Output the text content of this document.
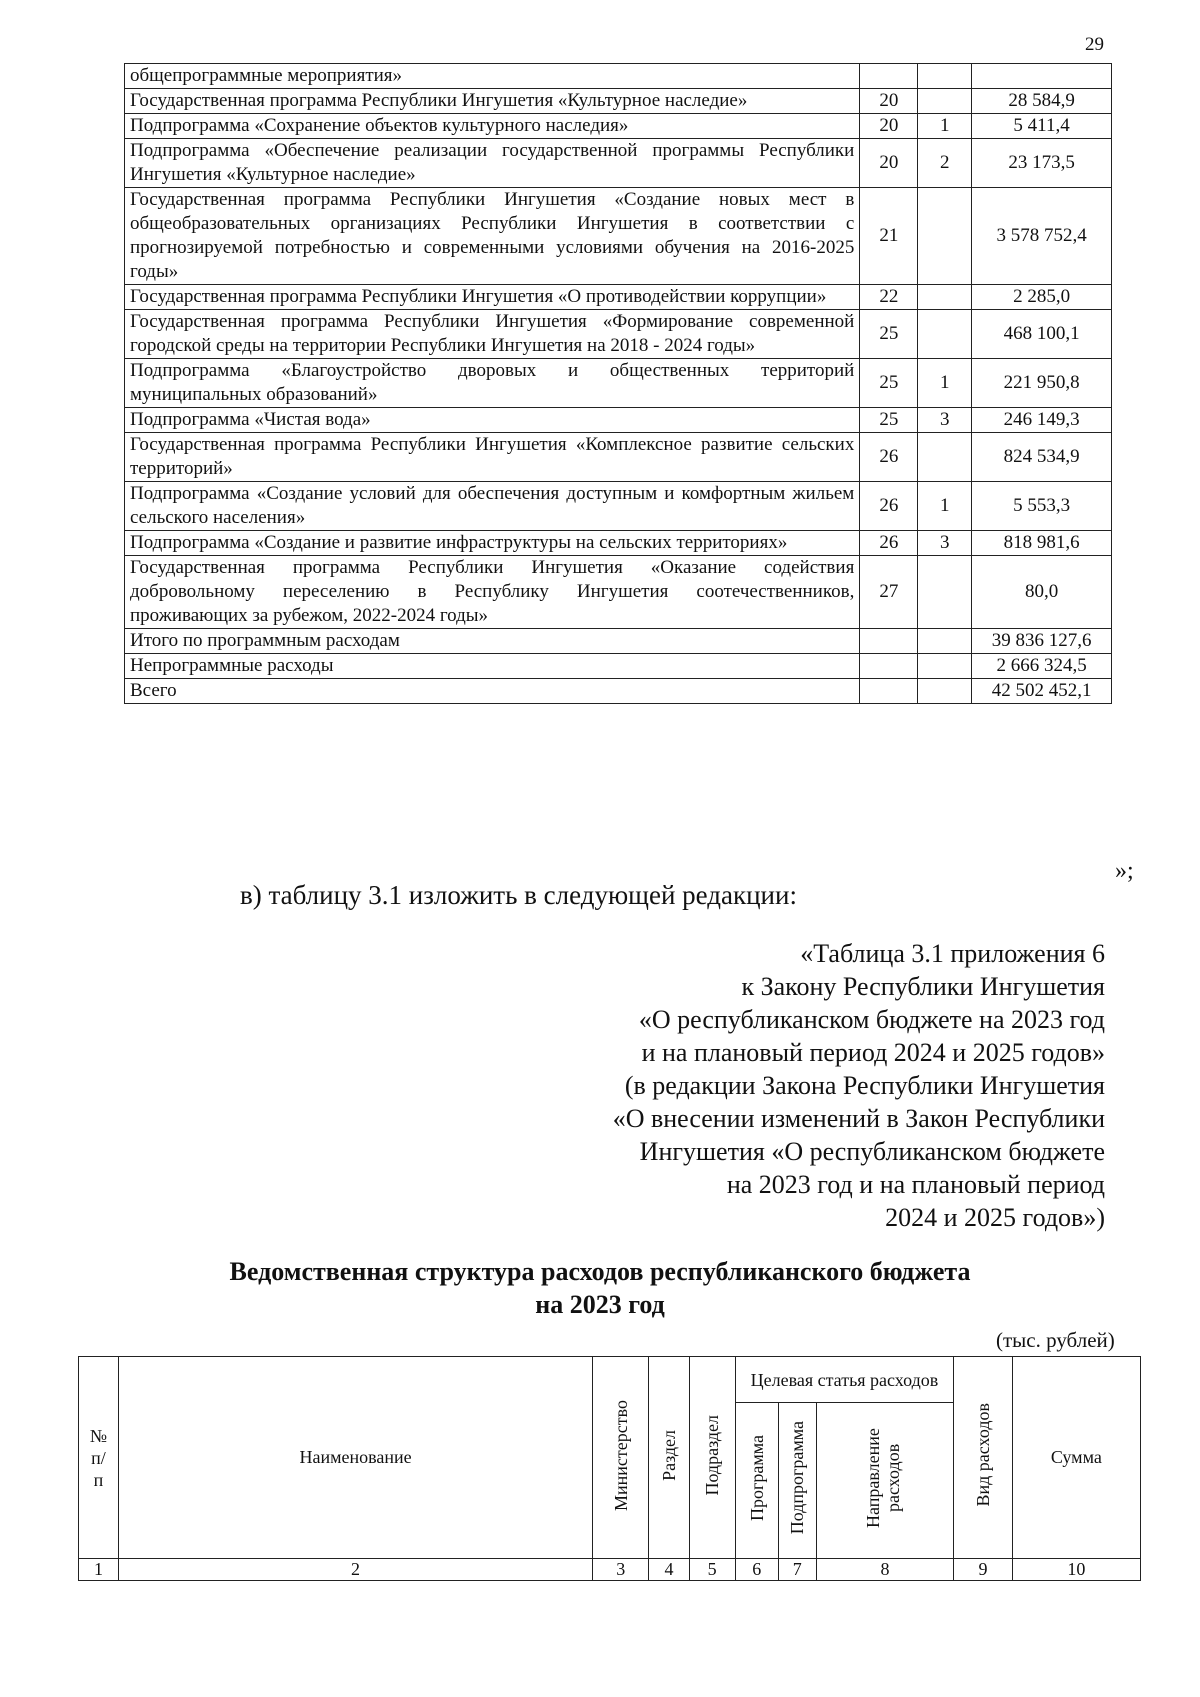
29
общепрограммные мероприятия»			
Государственная программа Республики Ингушетия «Культурное наследие»	20		28 584,9
Подпрограмма «Сохранение объектов культурного наследия»	20	1	5 411,4
Подпрограмма «Обеспечение реализации государственной программы Республики Ингушетия «Культурное наследие»	20	2	23 173,5
Государственная программа Республики Ингушетия «Создание новых мест в общеобразовательных организациях Республики Ингушетия в соответствии с прогнозируемой потребностью и современными условиями обучения на 2016-2025 годы»	21		3 578 752,4
Государственная программа Республики Ингушетия «О противодействии коррупции»	22		2 285,0
Государственная программа Республики Ингушетия «Формирование современной городской среды на территории Республики Ингушетия на 2018 - 2024 годы»	25		468 100,1
Подпрограмма «Благоустройство дворовых и общественных территорий муниципальных образований»	25	1	221 950,8
Подпрограмма «Чистая вода»	25	3	246 149,3
Государственная программа Республики Ингушетия «Комплексное развитие сельских территорий»	26		824 534,9
Подпрограмма «Создание условий для обеспечения доступным и комфортным жильем сельского населения»	26	1	5 553,3
Подпрограмма «Создание и развитие инфраструктуры на сельских территориях»	26	3	818 981,6
Государственная программа Республики Ингушетия «Оказание содействия добровольному переселению в Республику Ингушетия соотечественников, проживающих за рубежом, 2022-2024 годы»	27		80,0
Итого по программным расходам			39 836 127,6
Непрограммные расходы			2 666 324,5
Всего			42 502 452,1
»;
в) таблицу 3.1 изложить в следующей редакции:
«Таблица 3.1 приложения 6
к Закону Республики Ингушетия
«О республиканском бюджете на 2023 год
и на плановый период 2024 и 2025 годов»
(в редакции Закона Республики Ингушетия
«О внесении изменений в Закон Республики
Ингушетия «О республиканском бюджете
на 2023 год и на плановый период
2024 и 2025 годов»)
Ведомственная структура расходов республиканского бюджета
на 2023 год
(тыс. рублей)
№ п/ п	Наименование	Министерство	Раздел	Подраздел	Целевая статья расходов			Вид расходов	Сумма
					Программа	Подпрограмма	Направление расходов		
1	2	3	4	5	6	7	8	9	10
